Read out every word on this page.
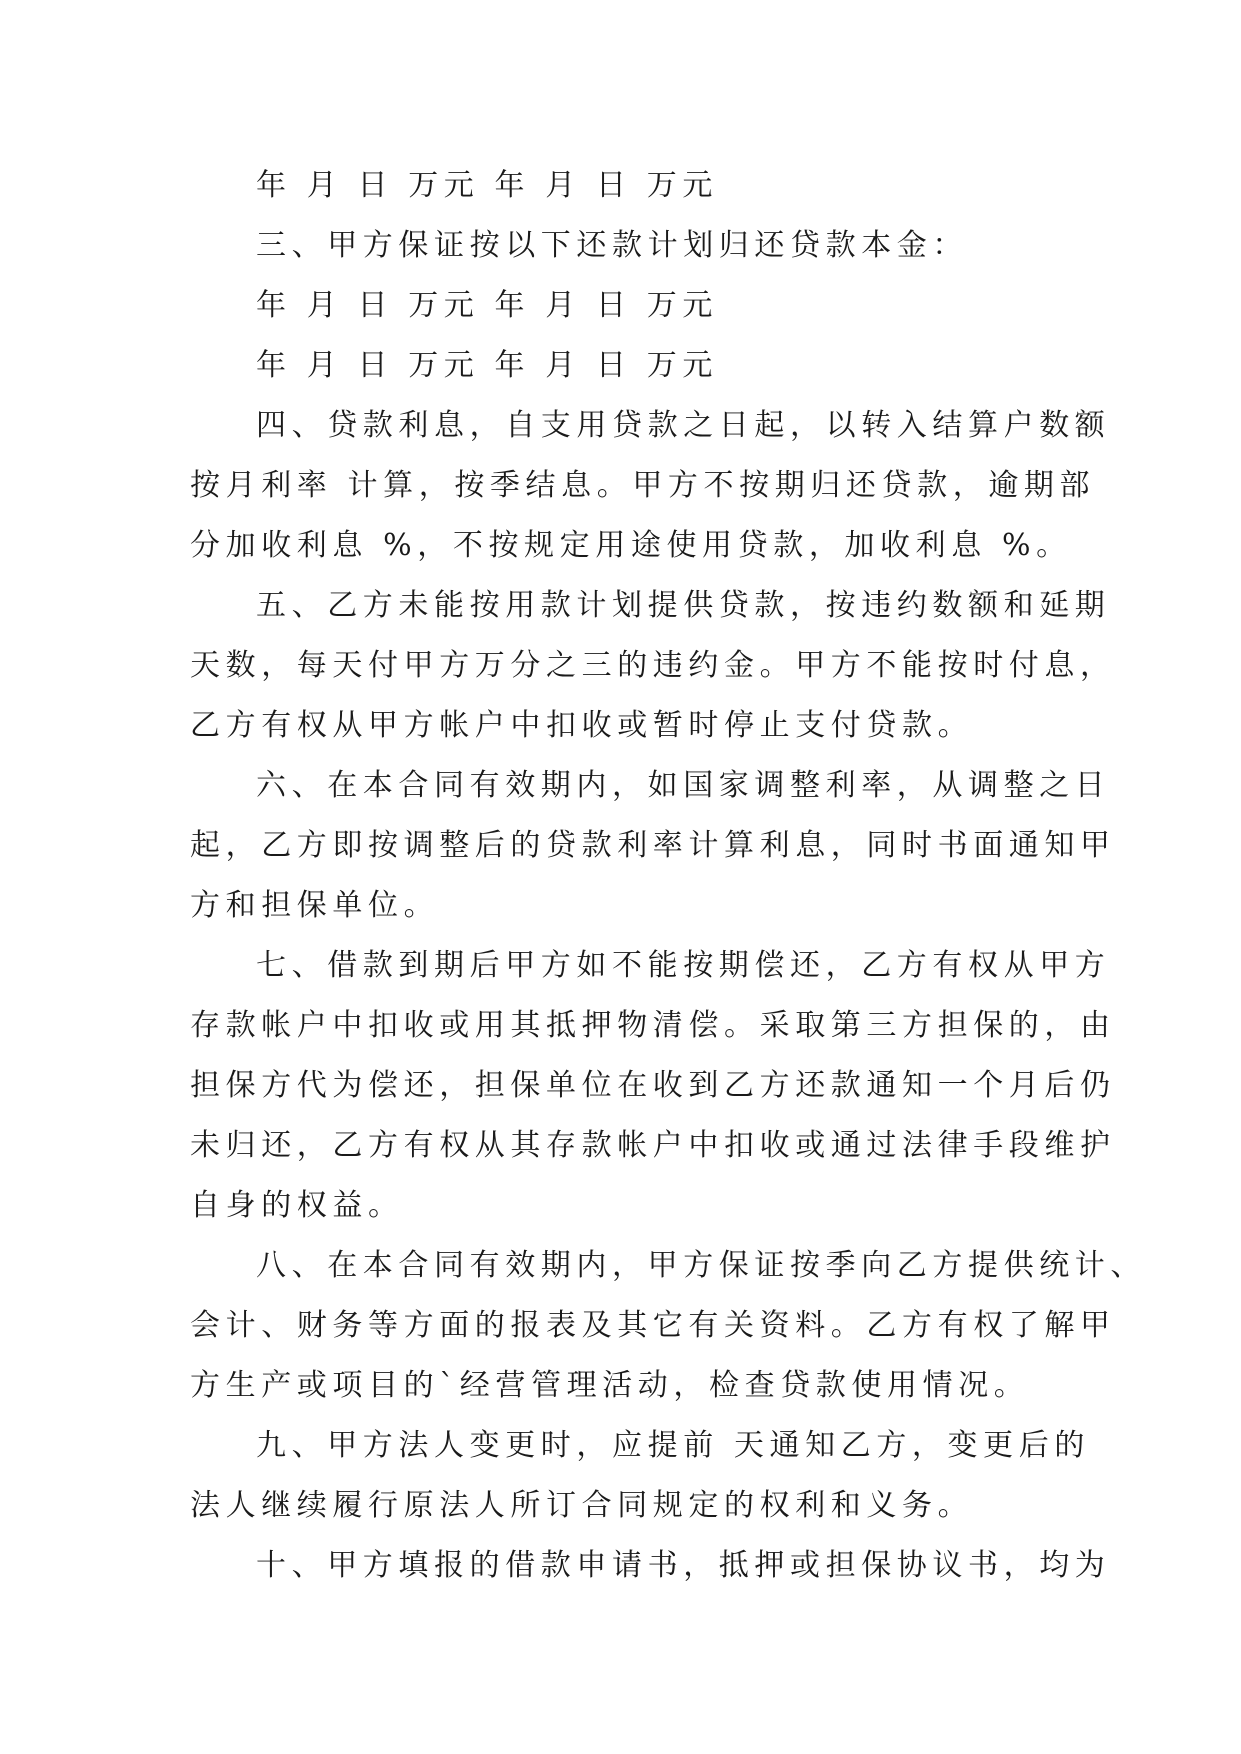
年 月 日 万元 年 月 日 万元

三、甲方保证按以下还款计划归还贷款本金：

年 月 日 万元 年 月 日 万元

年 月 日 万元 年 月 日 万元

四、贷款利息，自支用贷款之日起，以转入结算户数额

按月利率 计算，按季结息。甲方不按期归还贷款，逾期部

分加收利息 %，不按规定用途使用贷款，加收利息 %。

五、乙方未能按用款计划提供贷款，按违约数额和延期

天数，每天付甲方万分之三的违约金。甲方不能按时付息，

乙方有权从甲方帐户中扣收或暂时停止支付贷款。

六、在本合同有效期内，如国家调整利率，从调整之日

起，乙方即按调整后的贷款利率计算利息，同时书面通知甲

方和担保单位。

七、借款到期后甲方如不能按期偿还，乙方有权从甲方

存款帐户中扣收或用其抵押物清偿。采取第三方担保的，由

担保方代为偿还，担保单位在收到乙方还款通知一个月后仍

未归还，乙方有权从其存款帐户中扣收或通过法律手段维护

自身的权益。

八、在本合同有效期内，甲方保证按季向乙方提供统计、

会计、财务等方面的报表及其它有关资料。乙方有权了解甲

方生产或项目的`经营管理活动，检查贷款使用情况。

九、甲方法人变更时，应提前 天通知乙方，变更后的

法人继续履行原法人所订合同规定的权利和义务。

十、甲方填报的借款申请书，抵押或担保协议书，均为
